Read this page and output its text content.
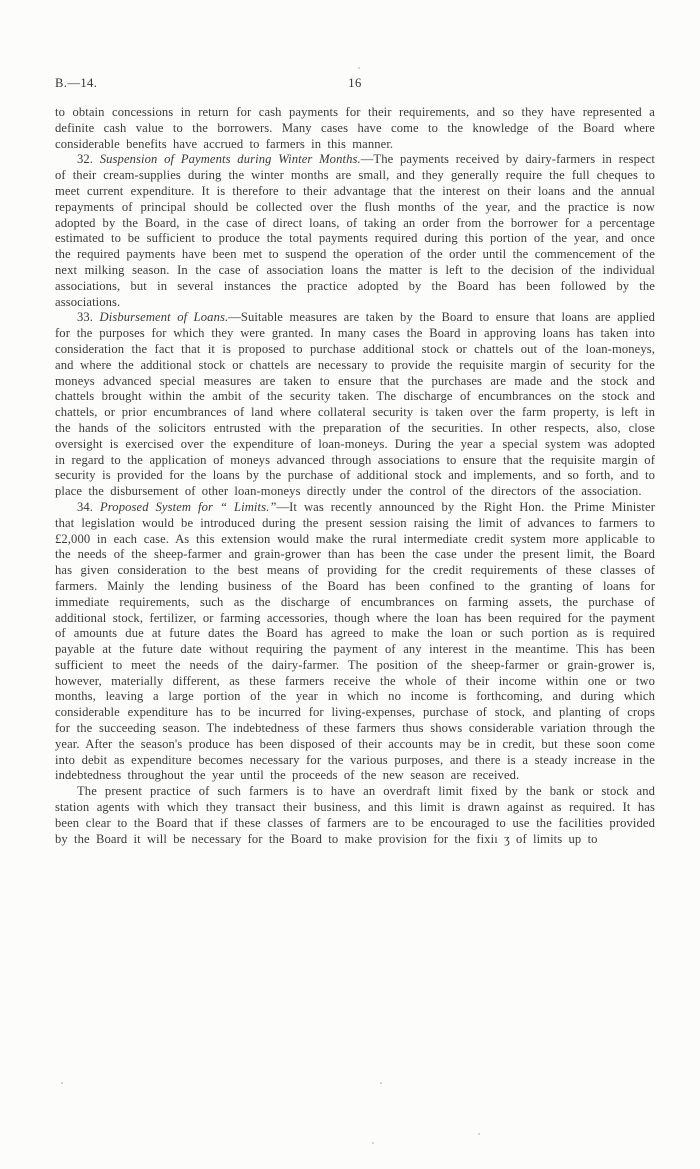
B.—14.	16

to obtain concessions in return for cash payments for their requirements, and so they have represented a definite cash value to the borrowers. Many cases have come to the knowledge of the Board where considerable benefits have accrued to farmers in this manner.

32. Suspension of Payments during Winter Months.—The payments received by dairy-farmers in respect of their cream-supplies during the winter months are small, and they generally require the full cheques to meet current expenditure. It is therefore to their advantage that the interest on their loans and the annual repayments of principal should be collected over the flush months of the year, and the practice is now adopted by the Board, in the case of direct loans, of taking an order from the borrower for a percentage estimated to be sufficient to produce the total payments required during this portion of the year, and once the required payments have been met to suspend the operation of the order until the commencement of the next milking season. In the case of association loans the matter is left to the decision of the individual associations, but in several instances the practice adopted by the Board has been followed by the associations.

33. Disbursement of Loans.—Suitable measures are taken by the Board to ensure that loans are applied for the purposes for which they were granted. In many cases the Board in approving loans has taken into consideration the fact that it is proposed to purchase additional stock or chattels out of the loan-moneys, and where the additional stock or chattels are necessary to provide the requisite margin of security for the moneys advanced special measures are taken to ensure that the purchases are made and the stock and chattels brought within the ambit of the security taken. The discharge of encumbrances on the stock and chattels, or prior encumbrances of land where collateral security is taken over the farm property, is left in the hands of the solicitors entrusted with the preparation of the securities. In other respects, also, close oversight is exercised over the expenditure of loan-moneys. During the year a special system was adopted in regard to the application of moneys advanced through associations to ensure that the requisite margin of security is provided for the loans by the purchase of additional stock and implements, and so forth, and to place the disbursement of other loan-moneys directly under the control of the directors of the association.

34. Proposed System for “ Limits.”—It was recently announced by the Right Hon. the Prime Minister that legislation would be introduced during the present session raising the limit of advances to farmers to £2,000 in each case. As this extension would make the rural intermediate credit system more applicable to the needs of the sheep-farmer and grain-grower than has been the case under the present limit, the Board has given consideration to the best means of providing for the credit requirements of these classes of farmers. Mainly the lending business of the Board has been confined to the granting of loans for immediate requirements, such as the discharge of encumbrances on farming assets, the purchase of additional stock, fertilizer, or farming accessories, though where the loan has been required for the payment of amounts due at future dates the Board has agreed to make the loan or such portion as is required payable at the future date without requiring the payment of any interest in the meantime. This has been sufficient to meet the needs of the dairy-farmer. The position of the sheep-farmer or grain-grower is, however, materially different, as these farmers receive the whole of their income within one or two months, leaving a large portion of the year in which no income is forthcoming, and during which considerable expenditure has to be incurred for living-expenses, purchase of stock, and planting of crops for the succeeding season. The indebtedness of these farmers thus shows considerable variation through the year. After the season's produce has been disposed of their accounts may be in credit, but these soon come into debit as expenditure becomes necessary for the various purposes, and there is a steady increase in the indebtedness throughout the year until the proceeds of the new season are received.

The present practice of such farmers is to have an overdraft limit fixed by the bank or stock and station agents with which they transact their business, and this limit is drawn against as required. It has been clear to the Board that if these classes of farmers are to be encouraged to use the facilities provided by the Board it will be necessary for the Board to make provision for the fixiı ʒ of limits up to
